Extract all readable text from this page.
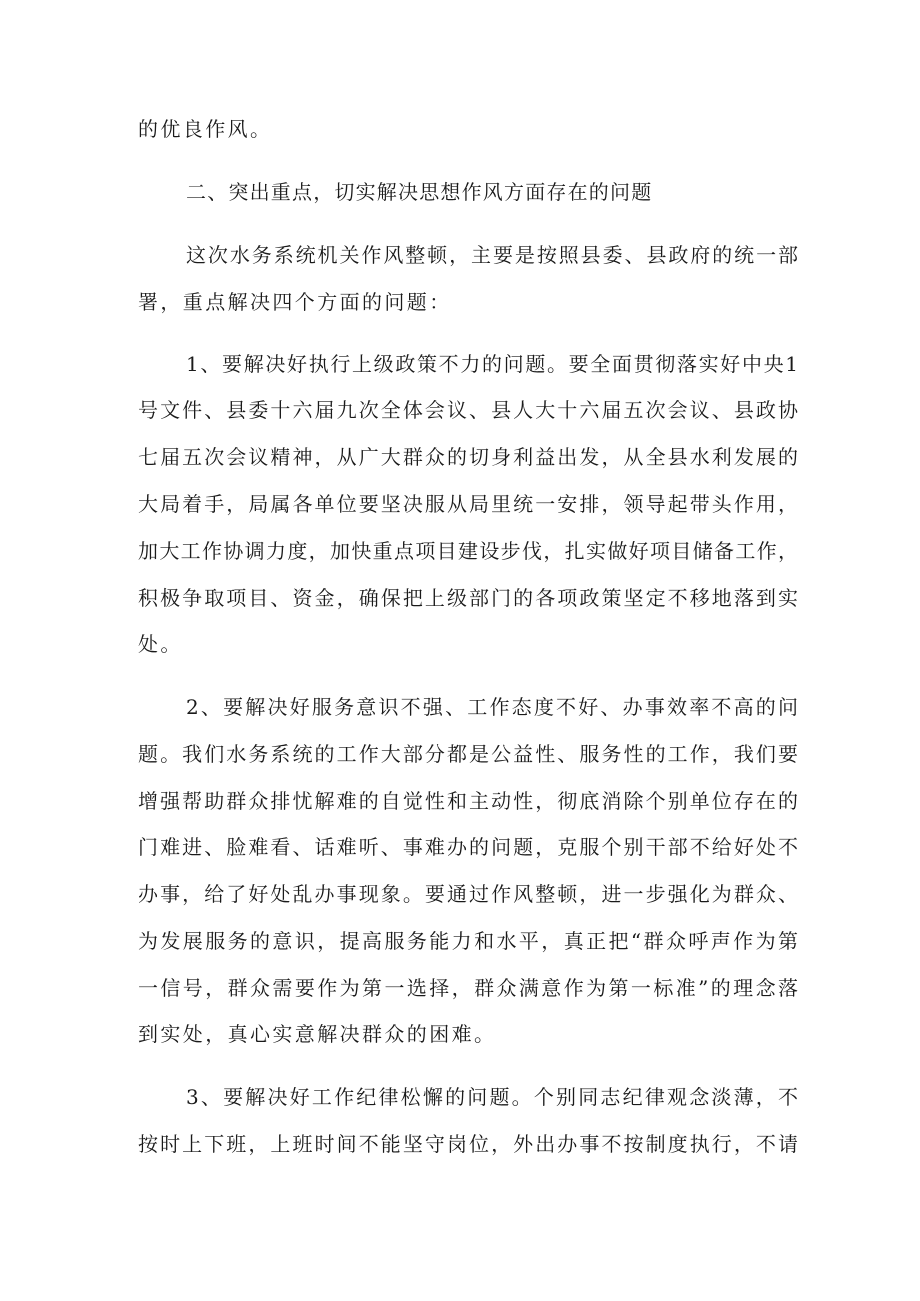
的优良作风。
二、突出重点，切实解决思想作风方面存在的问题
这次水务系统机关作风整顿，主要是按照县委、县政府的统一部
署，重点解决四个方面的问题：
1、要解决好执行上级政策不力的问题。要全面贯彻落实好中央1
号文件、县委十六届九次全体会议、县人大十六届五次会议、县政协
七届五次会议精神，从广大群众的切身利益出发，从全县水利发展的
大局着手，局属各单位要坚决服从局里统一安排，领导起带头作用，
加大工作协调力度，加快重点项目建设步伐，扎实做好项目储备工作，
积极争取项目、资金，确保把上级部门的各项政策坚定不移地落到实
处。
2、要解决好服务意识不强、工作态度不好、办事效率不高的问
题。我们水务系统的工作大部分都是公益性、服务性的工作，我们要
增强帮助群众排忧解难的自觉性和主动性，彻底消除个别单位存在的
门难进、脸难看、话难听、事难办的问题，克服个别干部不给好处不
办事，给了好处乱办事现象。要通过作风整顿，进一步强化为群众、
为发展服务的意识，提高服务能力和水平，真正把“群众呼声作为第
一信号，群众需要作为第一选择，群众满意作为第一标准”的理念落
到实处，真心实意解决群众的困难。
3、要解决好工作纪律松懈的问题。个别同志纪律观念淡薄，不
按时上下班，上班时间不能坚守岗位，外出办事不按制度执行，不请
